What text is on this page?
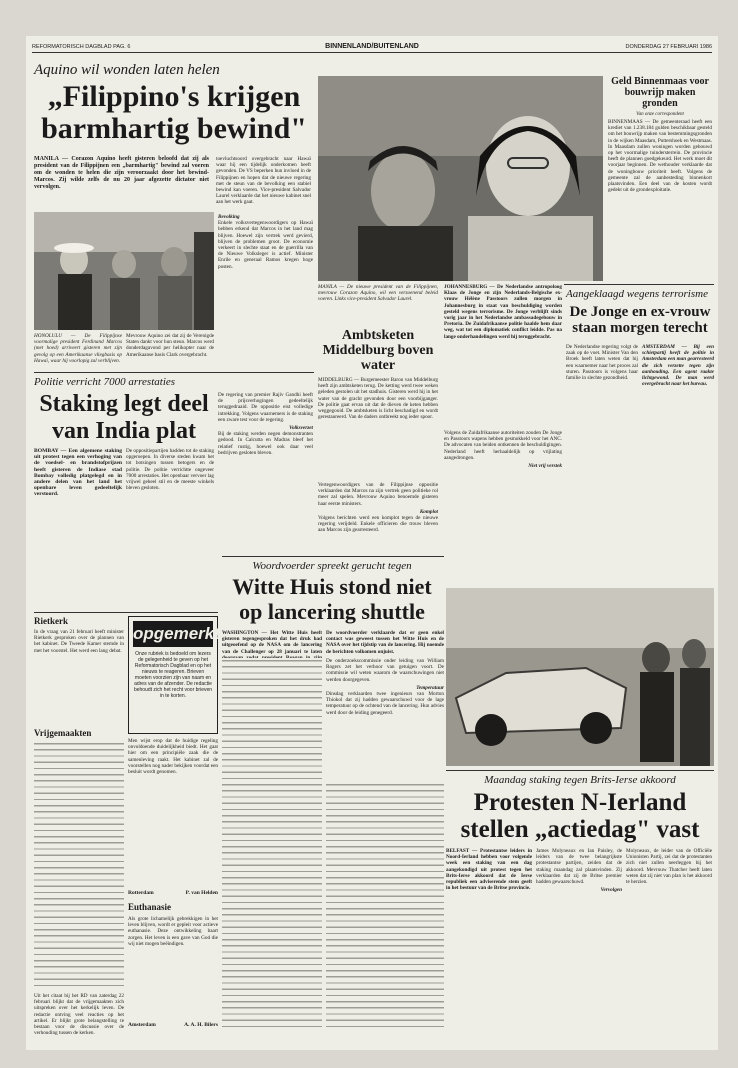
REFORMATORISCH DAGBLAD PAG. 6	BINNENLAND/BUITENLAND	DONDERDAG 27 FEBRUARI 1986
Aquino wil wonden laten helen
„Filippino's krijgen
barmhartig bewind"
MANILA — Corazon Aquino heeft gisteren beloofd dat zij als president van de Filippijnen een „barmhartig" bewind zal voeren om de wonden te helen die zijn veroorzaakt door het bewind-Marcos. Zij wilde zelfs de nu 20 jaar afgezette dictator niet vervolgen.
toevluchtsoord overgebracht naar Hawaï waar hij een tijdelijk onderkomen heeft gevonden. De VS beperken hun invloed in de Filippijnen en hopen dat de nieuwe regering met de steun van de bevolking een stabiel bewind kan voeren. Vice-president Salvador Laurel verklaarde dat het nieuwe kabinet snel aan het werk gaat.
Bevolking
Enkele volksvertegenwoordigers op Hawaï hebben erkend dat Marcos in het land mag blijven. Hoewel zijn vertrek werd gevierd, blijven de problemen groot. De economie verkeert in slechte staat en de guerrilla van de Nieuwe Volksleger is actief. Minister Enrile en generaal Ramos kregen hoge posten.
HONOLULU — De Filippijnse voormalige president Ferdinand Marcos (met hoed) arriveert gisteren met zijn gevolg op een Amerikaanse vliegbasis op Hawaï, waar hij voorlopig zal verblijven.
Mevrouw Aquino zei dat zij de Verenigde Staten dankt voor hun steun. Marcos werd donderdagavond per helikopter naar de Amerikaanse basis Clark overgebracht.
MANILA — De nieuwe president van de Filippijnen, mevrouw Corazon Aquino, wil een verzoenend beleid voeren. Links vice-president Salvador Laurel.
Geld Binnenmaas voor bouwrijp maken gronden
Van onze correspondent
BINNENMAAS — De gemeenteraad heeft een krediet van 1.238.184 gulden beschikbaar gesteld om het bouwrijp maken van bestemmingsgronden in de wijken Maasdam, Puttershoek en Westmaas. In Maasdam zullen woningen worden gebouwd op het voormalige tuindersterrein. De provincie heeft de plannen goedgekeurd. Het werk moet dit voorjaar beginnen. De wethouder verklaarde dat de woningbouw prioriteit heeft. Volgens de gemeente zal de aanbesteding binnenkort plaatsvinden. Een deel van de kosten wordt gedekt uit de grondexploitatie.
Ambtsketen Middelburg boven water
MIDDELBURG — Burgemeester Baron van Middelburg heeft zijn ambtsketen terug. De ketting werd twee weken geleden gestolen uit het stadhuis. Gisteren werd hij in het water van de gracht gevonden door een voorbijganger. De politie gaat ervan uit dat de dieven de keten hebben weggegooid. De ambtsketen is licht beschadigd en wordt gerestaureerd. Van de daders ontbreekt nog ieder spoor.
JOHANNESBURG — De Nederlandse antropoloog Klaas de Jonge en zijn Nederlands-Belgische ex-vrouw Hélène Passtoors zullen morgen in Johannesburg in staat van beschuldiging worden gesteld wegens terrorisme. De Jonge verblijft sinds vorig jaar in het Nederlandse ambassadegebouw in Pretoria. De Zuidafrikaanse politie haalde hem daar weg, wat tot een diplomatiek conflict leidde. Pas na lange onderhandelingen werd hij teruggebracht.
Aangeklaagd wegens terrorisme
De Jonge en ex-vrouw staan morgen terecht
Volgens de Zuidafrikaanse autoriteiten zouden De Jonge en Passtoors wapens hebben gesmokkeld voor het ANC. De advocaten van beiden ontkennen de beschuldigingen. Nederland heeft herhaaldelijk op vrijlating aangedrongen.
Niet vrij verstek
De Nederlandse regering volgt de zaak op de voet. Minister Van den Broek heeft laten weten dat hij een waarnemer naar het proces zal sturen. Passtoors is volgens haar familie in slechte gezondheid.
AMSTERDAM — Bij een schietpartij heeft de politie in Amsterdam een man gearresteerd die zich verzette tegen zijn aanhouding. Een agent raakte lichtgewond. De man werd overgebracht naar het bureau.
Politie verricht 7000 arrestaties
Staking legt deel
van India plat
BOMBAY — Een algemene staking uit protest tegen een verhoging van de voedsel- en brandstofprijzen heeft gisteren de Indiase stad Bombay volledig platgelegd en in andere delen van het land het openbare leven gedeeltelijk verstoord.
De oppositiepartijen hadden tot de staking opgeroepen. In diverse steden kwam het tot botsingen tussen betogers en de politie. De politie verrichtte ongeveer 7000 arrestaties. Het openbaar vervoer lag vrijwel geheel stil en de meeste winkels bleven gesloten.
De regering van premier Rajiv Gandhi heeft de prijsverhogingen gedeeltelijk teruggedraaid. De oppositie eist volledige intrekking. Volgens waarnemers is de staking een zware test voor de regering.
Volksverzet
Bij de staking werden negen demonstranten gedood. In Calcutta en Madras bleef het relatief rustig, hoewel ook daar veel bedrijven gesloten bleven.
Vertegenwoordigers van de Filippijnse oppositie verklaarden dat Marcos na zijn vertrek geen politieke rol meer zal spelen. Mevrouw Aquino benoemde gisteren haar eerste ministers.
Komplot
Volgens berichten werd een komplot tegen de nieuwe regering verijdeld. Enkele officieren die trouw bleven aan Marcos zijn gearresteerd.
Woordvoerder spreekt gerucht tegen
Witte Huis stond niet
op lancering shuttle
WASHINGTON — Het Witte Huis heeft gisteren tegengesproken dat het druk had uitgeoefend op de NASA om de lancering van de Challenger op 28 januari te laten
De woordvoerder verklaarde dat er geen enkel contact was geweest tussen het Witte Huis en de NASA over het tijdstip van de lancering. Hij noemde de berichten volkomen onjuist.
De onderzoekscommissie onder leiding van William Rogers zet het verhoor van getuigen voort. De commissie wil weten waarom de waarschuwingen niet werden doorgegeven.
Temperatuur
Dinsdag verklaarden twee ingenieurs van Morton Thiokol dat zij hadden gewaarschuwd voor de lage temperatuur op de ochtend van de lancering. Hun advies werd door de leiding genegeerd.
Rietkerk
In de vraag van 21 februari heeft minister Rietkerk gesproken over de plannen van het kabinet. De Tweede Kamer stemde in met het voorstel. Het werd een lang debat.
Vrijgemaakten
Uit het citaat bij het RD van zaterdag 22 februari blijkt dat de vrijgemaakten zich uitspreken over het kerkelijk leven. De redactie ontving veel reacties op het artikel. Er blijkt grote belangstelling te bestaan voor de discussie over de verhouding tussen de kerken.
opgemerkt
Onze rubriek is bedoeld om lezers de gelegenheid te geven op het Reformatorisch Dagblad en op het nieuws te reageren. Brieven moeten voorzien zijn van naam en adres van de afzender. De redactie behoudt zich het recht voor brieven in te korten.
Men wijst erop dat de huidige regeling onvoldoende duidelijkheid biedt. Het gaat hier om een principiële zaak die de samenleving raakt. Het kabinet zal de voorstellen nog nader bekijken voordat een besluit wordt genomen.
Rotterdam	P. van Helden
Euthanasie
Als grote lichamelijk gebrekkigen in het leven blijven, wordt er gepleit voor actieve euthanasie. Deze ontwikkeling baart zorgen. Het leven is een gave van God die wij niet mogen beëindigen.
Amsterdam	A. A. H. Bilers
Maandag staking tegen Brits-Ierse akkoord
Protesten N-Ierland
stellen „actiedag" vast
BELFAST — Protestantse leiders in Noord-Ierland hebben voor volgende week een staking van een dag aangekondigd uit protest tegen het Brits-Ierse akkoord dat de Ierse republiek een adviserende stem geeft in het bestuur van de Britse provincie.
James Molyneaux en Ian Paisley, de leiders van de twee belangrijkste protestantse partijen, zeiden dat de staking maandag zal plaatsvinden. Zij verklaarden dat zij de Britse premier hadden gewaarschuwd.
Vervolgen
Molyneaux, de leider van de Officiële Unionisten Partij, zei dat de protestanten zich niet zullen neerleggen bij het akkoord. Mevrouw Thatcher heeft laten weten dat zij niet van plan is het akkoord te herzien.
